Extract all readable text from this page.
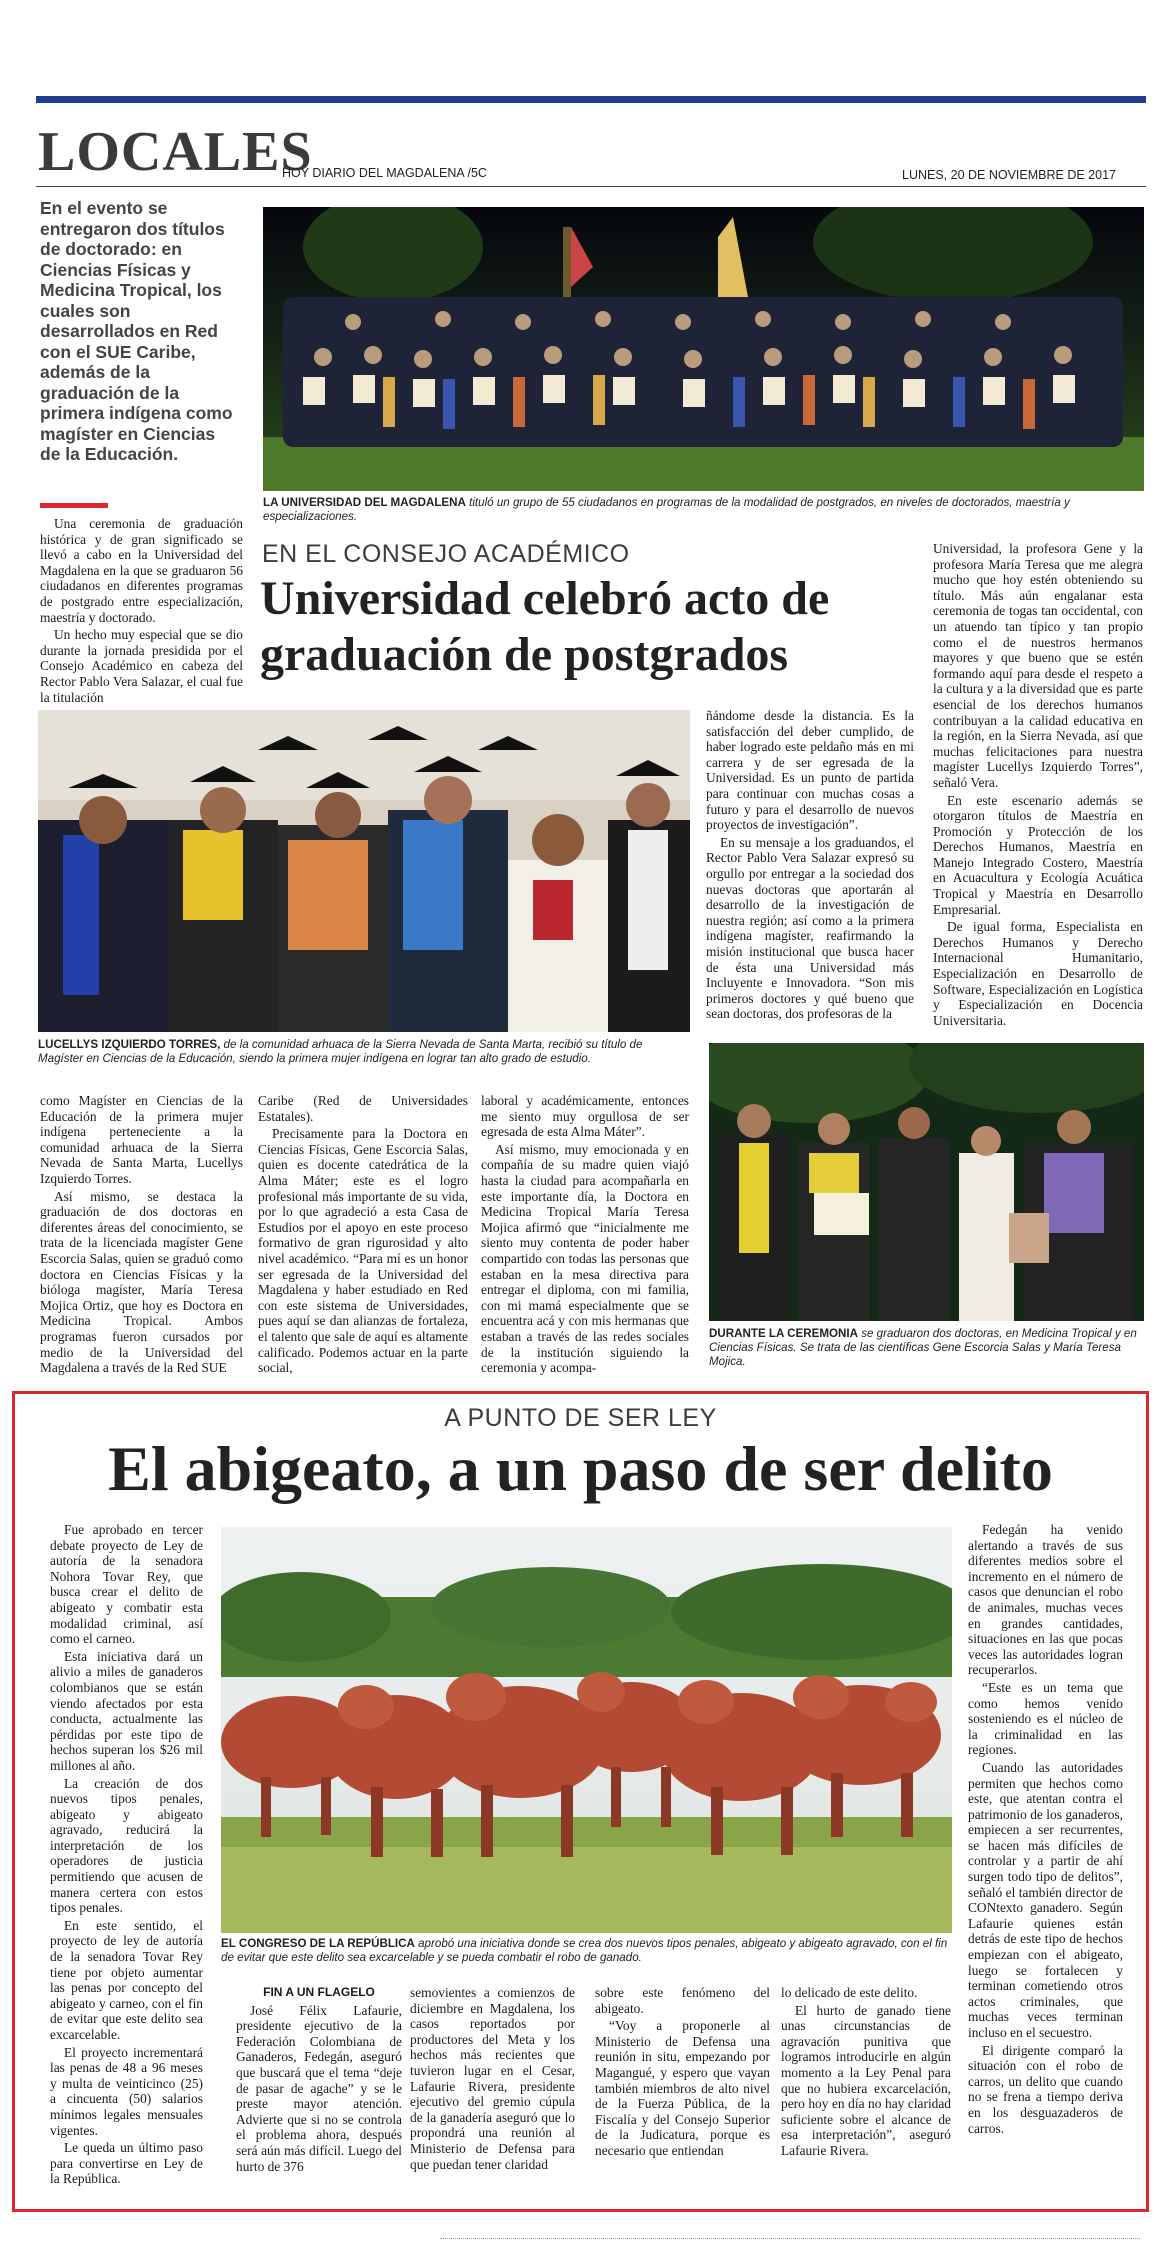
LOCALES
HOY DIARIO DEL MAGDALENA /5C	LUNES, 20 DE NOVIEMBRE DE 2017
En el evento se entregaron dos títulos de doctorado: en Ciencias Físicas y Medicina Tropical, los cuales son desarrollados en Red con el SUE Caribe, además de la graduación de la primera indígena como magíster en Ciencias de la Educación.
LA UNIVERSIDAD DEL MAGDALENA tituló un grupo de 55 ciudadanos en programas de la modalidad de postgrados, en niveles de doctorados, maestría y especializaciones.

Una ceremonia de graduación histórica y de gran significado se llevó a cabo en la Universidad del Magdalena en la que se graduaron 56 ciudadanos en diferentes programas de postgrado entre especialización, maestría y doctorado.

Un hecho muy especial que se dio durante la jornada presidida por el Consejo Académico en cabeza del Rector Pablo Vera Salazar, el cual fue la titulación

EN EL CONSEJO ACADÉMICO
Universidad celebró acto de graduación de postgrados
LUCELLYS IZQUIERDO TORRES, de la comunidad arhuaca de la Sierra Nevada de Santa Marta, recibió su título de Magíster en Ciencias de la Educación, siendo la primera mujer indígena en lograr tan alto grado de estudio.

como Magíster en Ciencias de la Educación de la primera mujer indígena perteneciente a la comunidad arhuaca de la Sierra Nevada de Santa Marta, Lucellys Izquierdo Torres.

Así mismo, se destaca la graduación de dos doctoras en diferentes áreas del conocimiento, se trata de la licenciada magíster Gene Escorcia Salas, quien se graduó como doctora en Ciencias Físicas y la bióloga magíster, María Teresa Mojica Ortiz, que hoy es Doctora en Medicina Tropical. Ambos programas fueron cursados por medio de la Universidad del Magdalena a través de la Red SUE

Caribe (Red de Universidades Estatales).

Precisamente para la Doctora en Ciencias Físicas, Gene Escorcia Salas, quien es docente catedrática de la Alma Máter; este es el logro profesional más importante de su vida, por lo que agradeció a esta Casa de Estudios por el apoyo en este proceso formativo de gran rigurosidad y alto nivel académico. “Para mí es un honor ser egresada de la Universidad del Magdalena y haber estudiado en Red con este sistema de Universidades, pues aquí se dan alianzas de fortaleza, el talento que sale de aquí es altamente calificado. Podemos actuar en la parte social,

laboral y académicamente, entonces me siento muy orgullosa de ser egresada de esta Alma Máter”.

Así mismo, muy emocionada y en compañía de su madre quien viajó hasta la ciudad para acompañarla en este importante día, la Doctora en Medicina Tropical María Teresa Mojica afirmó que “inicialmente me siento muy contenta de poder haber compartido con todas las personas que estaban en la mesa directiva para entregar el diploma, con mi familia, con mi mamá especialmente que se encuentra acá y con mis hermanas que estaban a través de las redes sociales de la institución siguiendo la ceremonia y acompa-

ñándome desde la distancia. Es la satisfacción del deber cumplido, de haber logrado este peldaño más en mi carrera y de ser egresada de la Universidad. Es un punto de partida para continuar con muchas cosas a futuro y para el desarrollo de nuevos proyectos de investigación”.

En su mensaje a los graduandos, el Rector Pablo Vera Salazar expresó su orgullo por entregar a la sociedad dos nuevas doctoras que aportarán al desarrollo de la investigación de nuestra región; así como a la primera indígena magíster, reafirmando la misión institucional que busca hacer de ésta una Universidad más Incluyente e Innovadora. “Son mis primeros doctores y qué bueno que sean doctoras, dos profesoras de la

Universidad, la profesora Gene y la profesora María Teresa que me alegra mucho que hoy estén obteniendo su título. Más aún engalanar esta ceremonia de togas tan occidental, con un atuendo tan típico y tan propio como el de nuestros hermanos mayores y que bueno que se estén formando aquí para desde el respeto a la cultura y a la diversidad que es parte esencial de los derechos humanos contribuyan a la calidad educativa en la región, en la Sierra Nevada, así que muchas felicitaciones para nuestra magíster Lucellys Izquierdo Torres”, señaló Vera.

En este escenario además se otorgaron títulos de Maestría en Promoción y Protección de los Derechos Humanos, Maestría en Manejo Integrado Costero, Maestría en Acuacultura y Ecología Acuática Tropical y Maestría en Desarrollo Empresarial.

De igual forma, Especialista en Derechos Humanos y Derecho Internacional Humanitario, Especialización en Desarrollo de Software, Especialización en Logística y Especialización en Docencia Universitaria.

DURANTE LA CEREMONIA se graduaron dos doctoras, en Medicina Tropical y en Ciencias Físicas. Se trata de las científicas Gene Escorcia Salas y María Teresa Mojica.
A PUNTO DE SER LEY
El abigeato, a un paso de ser delito
EL CONGRESO DE LA REPÚBLICA aprobó una iniciativa donde se crea dos nuevos tipos penales, abigeato y abigeato agravado, con el fin de evitar que este delito sea excarcelable y se pueda combatir el robo de ganado.

Fue aprobado en tercer debate proyecto de Ley de autoría de la senadora Nohora Tovar Rey, que busca crear el delito de abigeato y combatir esta modalidad criminal, así como el carneo.

Esta iniciativa dará un alivio a miles de ganaderos colombianos que se están viendo afectados por esta conducta, actualmente las pérdidas por este tipo de hechos superan los $26 mil millones al año.

La creación de dos nuevos tipos penales, abigeato y abigeato agravado, reducirá la interpretación de los operadores de justicia permitiendo que acusen de manera certera con estos tipos penales.

En este sentido, el proyecto de ley de autoría de la senadora Tovar Rey tiene por objeto aumentar las penas por concepto del abigeato y carneo, con el fin de evitar que este delito sea excarcelable.

El proyecto incrementará las penas de 48 a 96 meses y multa de veinticinco (25) a cincuenta (50) salarios mínimos legales mensuales vigentes.

Le queda un último paso para convertirse en Ley de la República.

Fedegán ha venido alertando a través de sus diferentes medios sobre el incremento en el número de casos que denuncian el robo de animales, muchas veces en grandes cantidades, situaciones en las que pocas veces las autoridades logran recuperarlos.

“Este es un tema que como hemos venido sosteniendo es el núcleo de la criminalidad en las regiones.

Cuando las autoridades permiten que hechos como este, que atentan contra el patrimonio de los ganaderos, empiecen a ser recurrentes, se hacen más difíciles de controlar y a partir de ahí surgen todo tipo de delitos”, señaló el también director de CONtexto ganadero. Según Lafaurie quienes están detrás de este tipo de hechos empiezan con el abigeato, luego se fortalecen y terminan cometiendo otros actos criminales, que muchas veces terminan incluso en el secuestro.

El dirigente comparó la situación con el robo de carros, un delito que cuando no se frena a tiempo deriva en los desguazaderos de carros.

FIN A UN FLAGELO

José Félix Lafaurie, presidente ejecutivo de la Federación Colombiana de Ganaderos, Fedegán, aseguró que buscará que el tema “deje de pasar de agache” y se le preste mayor atención. Advierte que si no se controla el problema ahora, después será aún más difícil. Luego del hurto de 376

semovientes a comienzos de diciembre en Magdalena, los casos reportados por productores del Meta y los hechos más recientes que tuvieron lugar en el Cesar, Lafaurie Rivera, presidente ejecutivo del gremio cúpula de la ganadería aseguró que lo propondrá una reunión al Ministerio de Defensa para que puedan tener claridad

sobre este fenómeno del abigeato.

“Voy a proponerle al Ministerio de Defensa una reunión in situ, empezando por Magangué, y espero que vayan también miembros de alto nivel de la Fuerza Pública, de la Fiscalía y del Consejo Superior de la Judicatura, porque es necesario que entiendan

lo delicado de este delito.

El hurto de ganado tiene unas circunstancias de agravación punitiva que logramos introducirle en algún momento a la Ley Penal para que no hubiera excarcelación, pero hoy en día no hay claridad suficiente sobre el alcance de esa interpretación”, aseguró Lafaurie Rivera.
